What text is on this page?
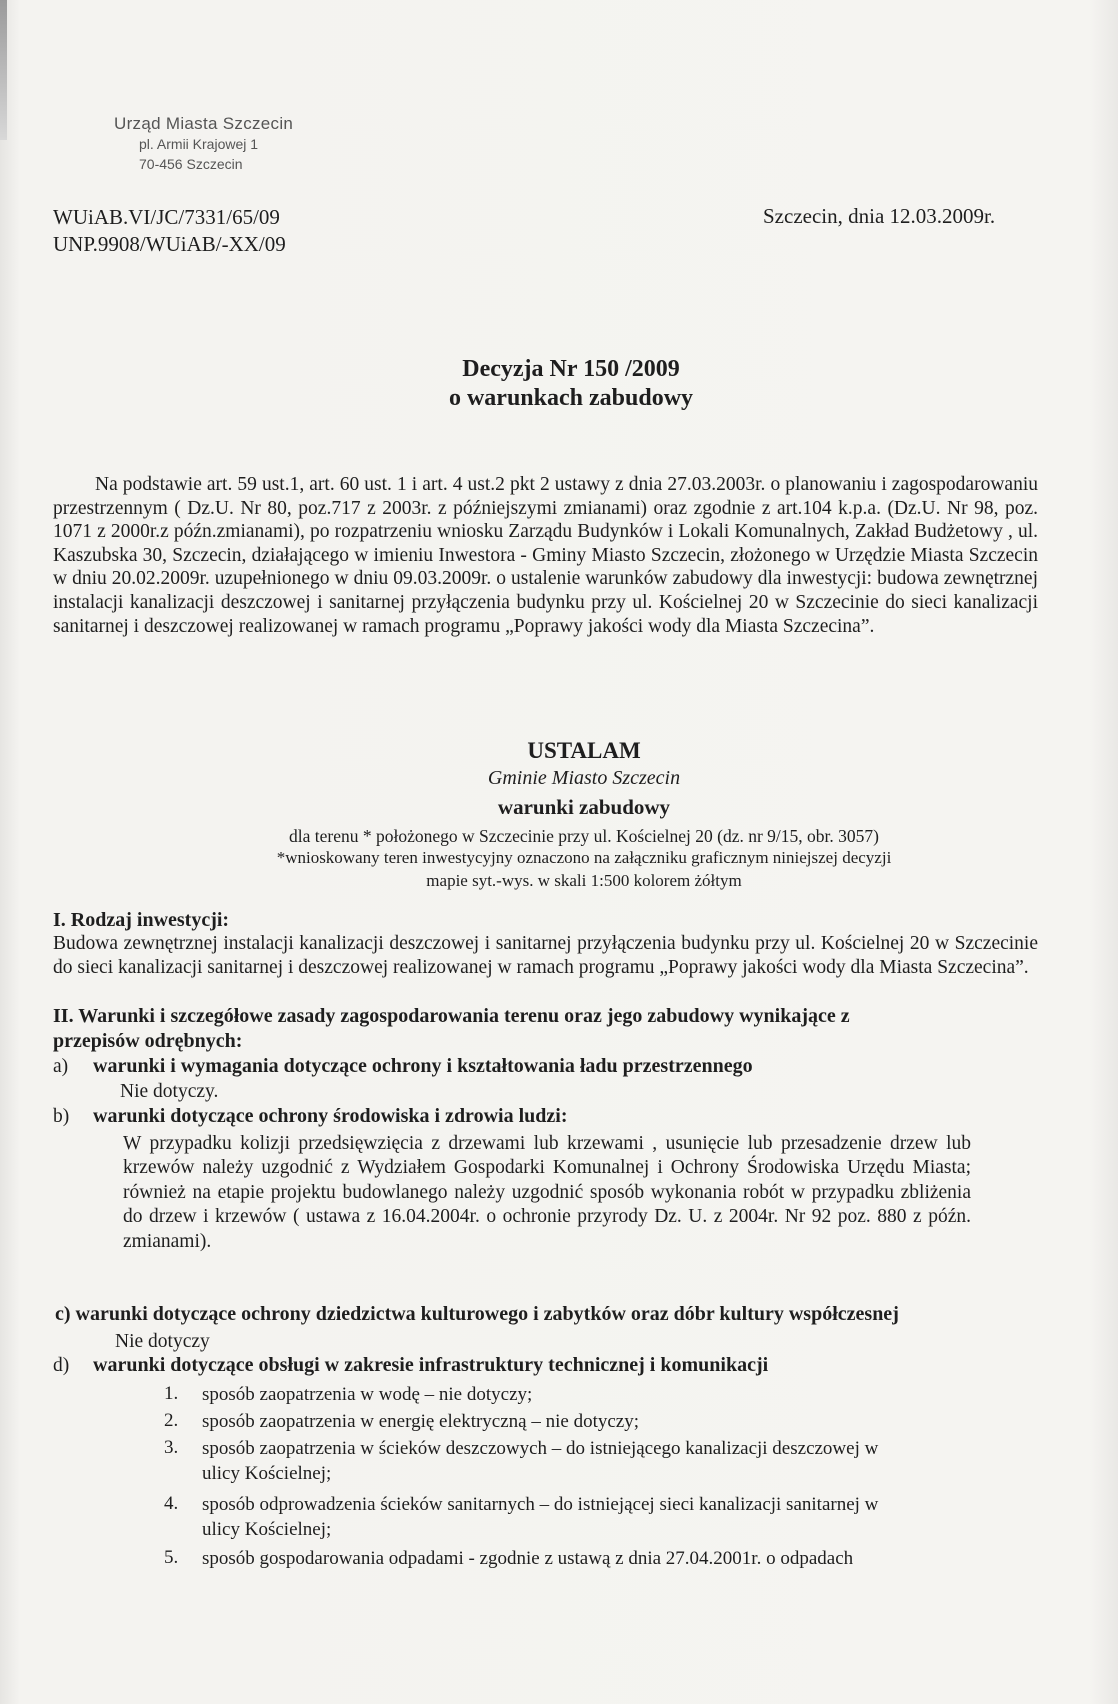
Urząd Miasta Szczecin
pl. Armii Krajowej 1
70-456 Szczecin
WUiAB.VI/JC/7331/65/09
UNP.9908/WUiAB/-XX/09
Szczecin, dnia 12.03.2009r.
Decyzja Nr 150 /2009
o warunkach zabudowy
Na podstawie art. 59 ust.1, art. 60 ust. 1 i art. 4 ust.2 pkt 2 ustawy z dnia 27.03.2003r. o planowaniu i zagospodarowaniu przestrzennym ( Dz.U. Nr 80, poz.717 z 2003r. z późniejszymi zmianami) oraz zgodnie z art.104 k.p.a. (Dz.U. Nr 98, poz. 1071 z 2000r.z późn.zmianami), po rozpatrzeniu wniosku Zarządu Budynków i Lokali Komunalnych, Zakład Budżetowy , ul. Kaszubska 30, Szczecin, działającego w imieniu Inwestora - Gminy Miasto Szczecin, złożonego w Urzędzie Miasta Szczecin w dniu 20.02.2009r. uzupełnionego w dniu 09.03.2009r. o ustalenie warunków zabudowy dla inwestycji: budowa zewnętrznej instalacji kanalizacji deszczowej i sanitarnej przyłączenia budynku przy ul. Kościelnej 20 w Szczecinie do sieci kanalizacji sanitarnej i deszczowej realizowanej w ramach programu „Poprawy jakości wody dla Miasta Szczecina”.
USTALAM
Gminie Miasto Szczecin
warunki zabudowy
dla terenu * położonego w Szczecinie przy ul. Kościelnej 20 (dz. nr 9/15, obr. 3057)
*wnioskowany teren inwestycyjny oznaczono na załączniku graficznym niniejszej decyzji
mapie syt.-wys. w skali 1:500 kolorem żółtym
I. Rodzaj inwestycji:
Budowa zewnętrznej instalacji kanalizacji deszczowej i sanitarnej przyłączenia budynku przy ul. Kościelnej 20 w Szczecinie do sieci kanalizacji sanitarnej i deszczowej realizowanej w ramach programu „Poprawy jakości wody dla Miasta Szczecina”.
II. Warunki i szczegółowe zasady zagospodarowania terenu oraz jego zabudowy wynikające z
przepisów odrębnych:
a) warunki i wymagania dotyczące ochrony i kształtowania ładu przestrzennego
Nie dotyczy.
b) warunki dotyczące ochrony środowiska i zdrowia ludzi:
W przypadku kolizji przedsięwzięcia z drzewami lub krzewami , usunięcie lub przesadzenie drzew lub krzewów należy uzgodnić z Wydziałem Gospodarki Komunalnej i Ochrony Środowiska Urzędu Miasta; również na etapie projektu budowlanego należy uzgodnić sposób wykonania robót w przypadku zbliżenia do drzew i krzewów ( ustawa z 16.04.2004r. o ochronie przyrody Dz. U. z 2004r. Nr 92 poz. 880 z późn. zmianami).
c) warunki dotyczące ochrony dziedzictwa kulturowego i zabytków oraz dóbr kultury współczesnej
Nie dotyczy
d) warunki dotyczące obsługi w zakresie infrastruktury technicznej i komunikacji
1. sposób zaopatrzenia w wodę – nie dotyczy;
2. sposób zaopatrzenia w energię elektryczną – nie dotyczy;
3. sposób zaopatrzenia w ścieków deszczowych – do istniejącego kanalizacji deszczowej w
ulicy Kościelnej;
4. sposób odprowadzenia ścieków sanitarnych – do istniejącej sieci kanalizacji sanitarnej w
ulicy Kościelnej;
5. sposób gospodarowania odpadami - zgodnie z ustawą z dnia 27.04.2001r. o odpadach
